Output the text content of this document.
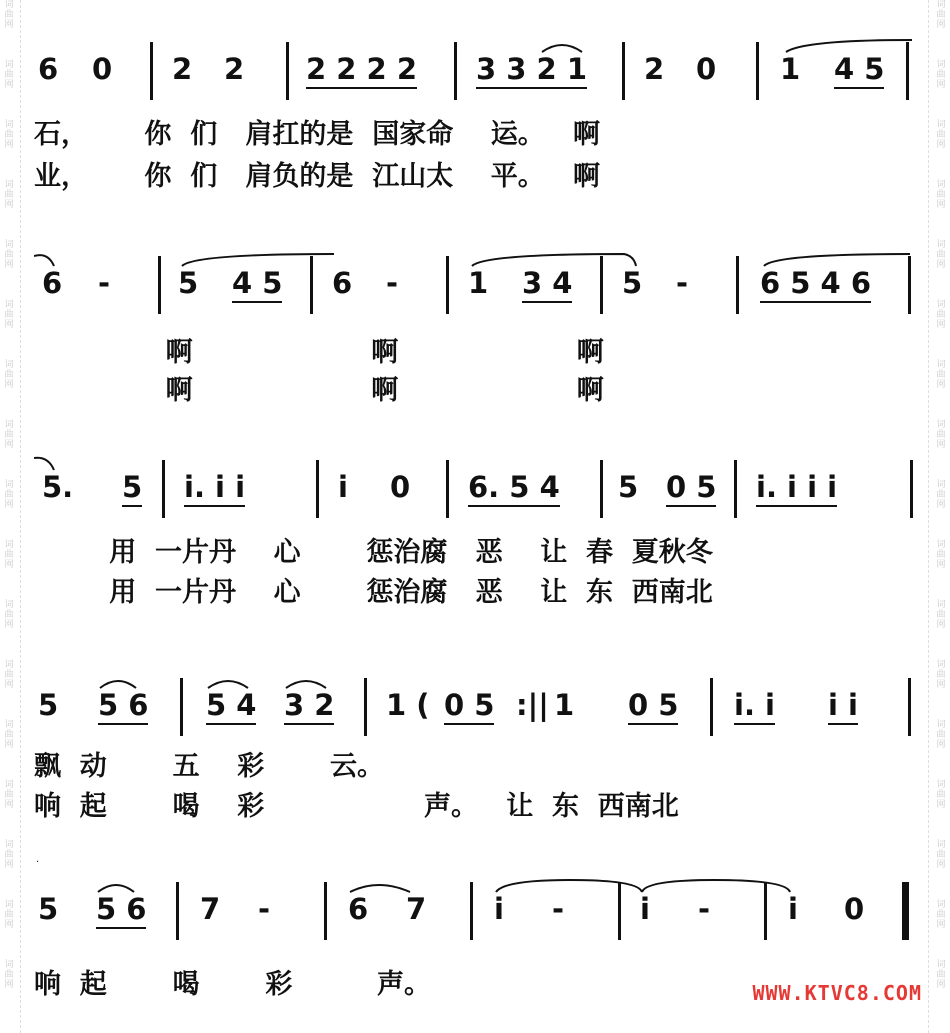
词
曲
网
词
曲
网
词
曲
网
词
曲
网
词
曲
网
词
曲
网
词
曲
网
词
曲
网
词
曲
网
词
曲
网
词
曲
网
词
曲
网
词
曲
网
词
曲
网
词
曲
网
词
曲
网
词
曲
网
词
曲
网
词
曲
网
词
曲
网
词
曲
网
词
曲
网
词
曲
网
词
曲
网
词
曲
网
词
曲
网
词
曲
网
词
曲
网
词
曲
网
词
曲
网
词
曲
网
词
曲
网
词
曲
网
词
曲
网
6 0 2 2 2 2 2 2 3 3 2 1 2 0 1 4 5
石，      你  们   肩扛的是  国家命    运。   啊
业，      你  们   肩负的是  江山太    平。   啊
6 - 5 4 5 6 - 1 3 4 5 - 6 5 4 6
啊                   啊                   啊
啊                   啊                   啊
5. 5 i. i i	i 0 6. 5 4 5 0 5 i. i i i
用  一片丹    心       惩治腐   恶    让  春  夏秋冬
用  一片丹    心       惩治腐   恶    让  东  西南北
5 5 6 5 4 3 2 1 ( 0 5 :|| 1 0 5 i. i i i
飘  动       五    彩       云。
响  起       喝    彩                 声。   让  东  西南北
·
5 5 6 7 -	6 7 i -	i -	i 0
响  起       喝       彩         声。	WWW.KTVC8.COM
